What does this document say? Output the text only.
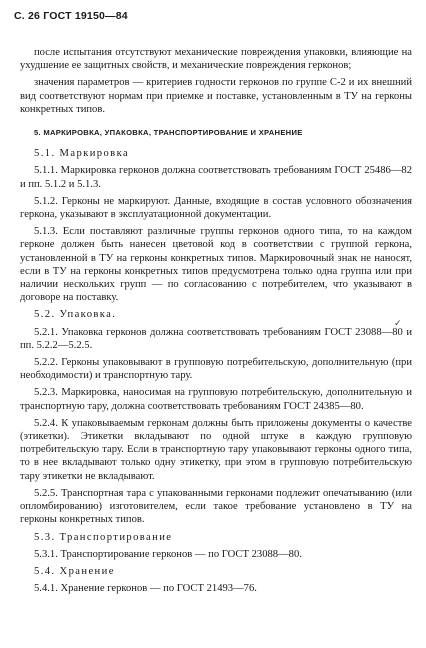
С. 26 ГОСТ 19150—84

после испытания отсутствуют механические повреждения упаковки, влияющие на ухудшение ее защитных свойств, и механические повреждения герконов;

значения параметров — критериев годности герконов по группе С-2 и их внешний вид соответствуют нормам при приемке и поставке, установленным в ТУ на герконы конкретных типов.

5. МАРКИРОВКА, УПАКОВКА, ТРАНСПОРТИРОВАНИЕ И ХРАНЕНИЕ

5.1. Маркировка

5.1.1. Маркировка герконов должна соответствовать требованиям ГОСТ 25486—82 и пп. 5.1.2 и 5.1.3.

5.1.2. Герконы не маркируют. Данные, входящие в состав условного обозначения геркона, указывают в эксплуатационной документации.

5.1.3. Если поставляют различные группы герконов одного типа, то на каждом герконе должен быть нанесен цветовой код в соответствии с группой геркона, установленной в ТУ на герконы конкретных типов. Маркировочный знак не наносят, если в ТУ на герконы конкретных типов предусмотрена только одна группа или при наличии нескольких групп — по согласованию с потребителем, что указывают в договоре на поставку.

5.2. Упаковка.

5.2.1. Упаковка герконов должна соответствовать требованиям ГОСТ 23088—80 и пп. 5.2.2—5.2.5.

5.2.2. Герконы упаковывают в групповую потребительскую, дополнительную (при необходимости) и транспортную тару.

5.2.3. Маркировка, наносимая на групповую потребительскую, дополнительную и транспортную тару, должна соответствовать требованиям ГОСТ 24385—80.

5.2.4. К упаковываемым герконам должны быть приложены документы о качестве (этикетки). Этикетки вкладывают по одной штуке в каждую групповую потребительскую тару. Если в транспортную тару упаковывают герконы одного типа, то в нее вкладывают только одну этикетку, при этом в групповую потребительскую тару этикетки не вкладывают.

5.2.5. Транспортная тара с упакованными герконами подлежит опечатыванию (или опломбированию) изготовителем, если такое требование установлено в ТУ на герконы конкретных типов.

5.3. Транспортирование

5.3.1. Транспортирование герконов — по ГОСТ 23088—80.

5.4. Хранение

5.4.1. Хранение герконов — по ГОСТ 21493—76.

✓
